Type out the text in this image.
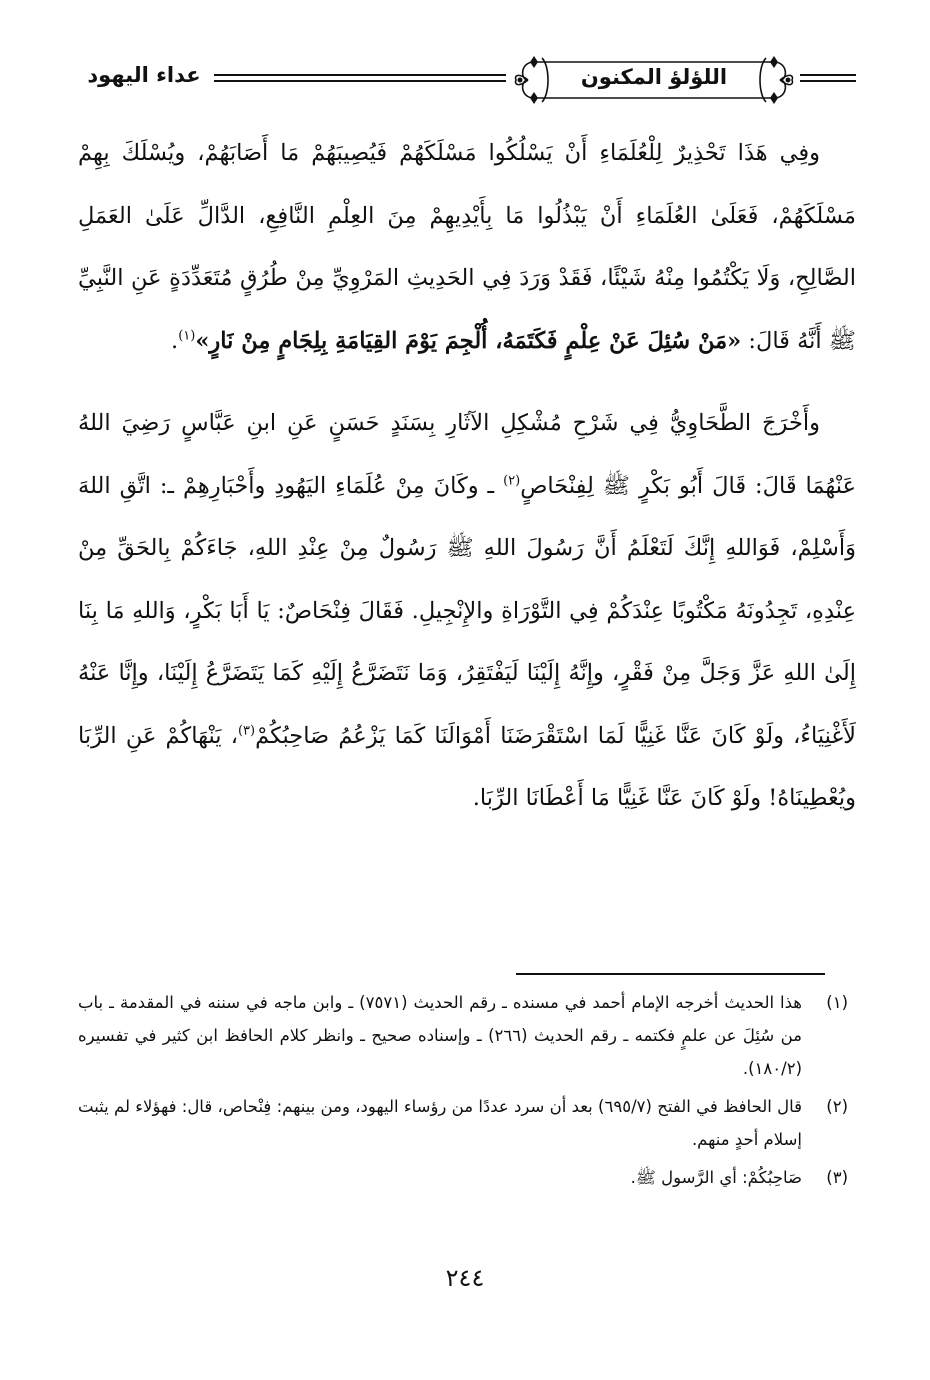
عداء اليهود	اللؤلؤ المكنون

وفِي هَذَا تَحْذِيرٌ لِلْعُلَمَاءِ أَنْ يَسْلُكُوا مَسْلَكَهُمْ فَيُصِيبَهُمْ مَا أَصَابَهُمْ، ويُسْلَكَ بِهِمْ مَسْلَكَهُمْ، فَعَلَىٰ العُلَمَاءِ أَنْ يَبْذُلُوا مَا بِأَيْدِيهِمْ مِنَ العِلْمِ النَّافِعِ، الدَّالِّ عَلَىٰ العَمَلِ الصَّالِحِ، وَلَا يَكْتُمُوا مِنْهُ شَيْئًا، فَقَدْ وَرَدَ فِي الحَدِيثِ المَرْوِيِّ مِنْ طُرُقٍ مُتَعَدِّدَةٍ عَنِ النَّبِيِّ ﷺ أَنَّهُ قَالَ: «مَنْ سُئِلَ عَنْ عِلْمٍ فَكَتَمَهُ، أُلْجِمَ يَوْمَ القِيَامَةِ بِلِجَامٍ مِنْ نَارٍ»$^{(١)}$.

وأَخْرَجَ الطَّحَاوِيُّ فِي شَرْحِ مُشْكِلِ الآثَارِ بِسَنَدٍ حَسَنٍ عَنِ ابنِ عَبَّاسٍ رَضِيَ اللهُ عَنْهُمَا قَالَ: قَالَ أَبُو بَكْرٍ ﷺ لِفِنْحَاصٍ$^{(٢)}$ ـ وكَانَ مِنْ عُلَمَاءِ اليَهُودِ وأَحْبَارِهِمْ ـ: اتَّقِ اللهَ وَأَسْلِمْ، فَوَاللهِ إِنَّكَ لَتَعْلَمُ أَنَّ رَسُولَ اللهِ ﷺ رَسُولٌ مِنْ عِنْدِ اللهِ، جَاءَكُمْ بِالحَقِّ مِنْ عِنْدِهِ، تَجِدُونَهُ مَكْتُوبًا عِنْدَكُمْ فِي التَّوْرَاةِ والإِنْجِيلِ. فَقَالَ فِنْحَاصٌ: يَا أَبَا بَكْرٍ، وَاللهِ مَا بِنَا إِلَىٰ اللهِ عَزَّ وَجَلَّ مِنْ فَقْرٍ، وإِنَّهُ إِلَيْنَا لَيَفْتَقِرُ، وَمَا نَتَضَرَّعُ إِلَيْهِ كَمَا يَتَضَرَّعُ إِلَيْنَا، وإِنَّا عَنْهُ لَأَغْنِيَاءُ، ولَوْ كَانَ عَنَّا غَنِيًّا لَمَا اسْتَقْرَضَنَا أَمْوَالَنَا كَمَا يَزْعُمُ صَاحِبُكُمْ$^{(٣)}$، يَنْهَاكُمْ عَنِ الرِّبَا ويُعْطِينَاهُ! ولَوْ كَانَ عَنَّا غَنِيًّا مَا أَعْطَانَا الرِّبَا.

(١)
هذا الحديث أخرجه الإمام أحمد في مسنده ـ رقم الحديث (٧٥٧١) ـ وابن ماجه في سننه في المقدمة ـ باب من سُئِلَ عن علمٍ فكتمه ـ رقم الحديث (٢٦٦) ـ وإسناده صحيح ـ وانظر كلام الحافظ ابن كثير في تفسيره (١٨٠/٢).
(٢)
قال الحافظ في الفتح (٦٩٥/٧) بعد أن سرد عددًا من رؤساء اليهود، ومن بينهم: فِنْحاص، قال: فهؤلاء لم يثبت إسلام أحدٍ منهم.
(٣)
صَاحِبُكُمْ: أي الرَّسول ﷺ.
٢٤٤
